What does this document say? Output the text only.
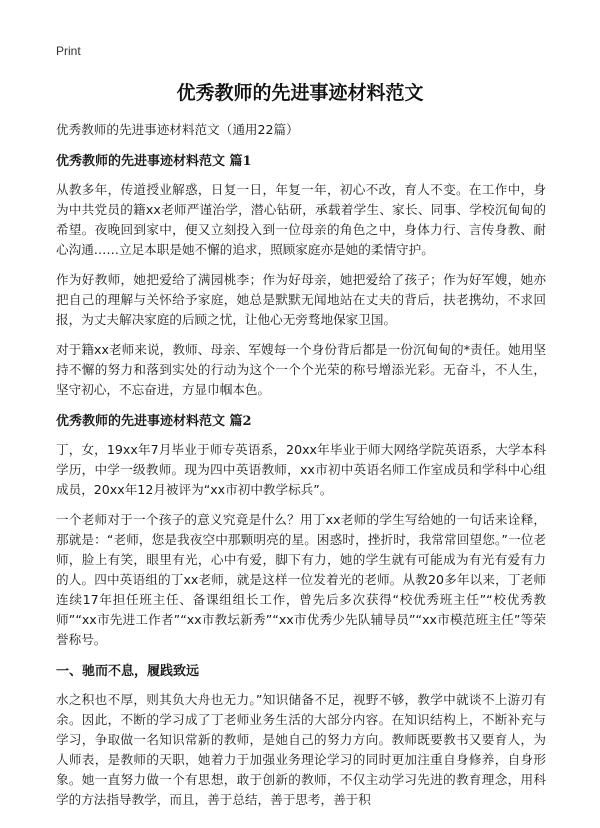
Print
优秀教师的先进事迹材料范文

优秀教师的先进事迹材料范文（通用22篇）

优秀教师的先进事迹材料范文 篇1

从教多年，传道授业解惑，日复一日，年复一年，初心不改，育人不变。在工作中，身为中共党员的籍xx老师严谨治学，潜心钻研，承载着学生、家长、同事、学校沉甸甸的希望。夜晚回到家中，便又立刻投入到一位母亲的角色之中，身体力行、言传身教、耐心沟通……立足本职是她不懈的追求，照顾家庭亦是她的柔情守护。

作为好教师，她把爱给了满园桃李；作为好母亲，她把爱给了孩子；作为好军嫂，她亦把自己的理解与关怀给予家庭，她总是默默无闻地站在丈夫的背后，扶老携幼，不求回报，为丈夫解决家庭的后顾之忧，让他心无旁骛地保家卫国。

对于籍xx老师来说，教师、母亲、军嫂每一个身份背后都是一份沉甸甸的*责任。她用坚持不懈的努力和落到实处的行动为这个一个个光荣的称号增添光彩。无奋斗，不人生，坚守初心，不忘奋进，方显巾帼本色。

优秀教师的先进事迹材料范文 篇2

丁，女，19xx年7月毕业于师专英语系，20xx年毕业于师大网络学院英语系，大学本科学历，中学一级教师。现为四中英语教师，xx市初中英语名师工作室成员和学科中心组成员，20xx年12月被评为“xx市初中教学标兵”。

一个老师对于一个孩子的意义究竟是什么？用丁xx老师的学生写给她的一句话来诠释，那就是：“老师，您是我夜空中那颗明亮的星。困惑时，挫折时，我常常回望您。”一位老师，脸上有笑，眼里有光，心中有爱，脚下有力，她的学生就有可能成为有光有爱有力的人。四中英语组的丁xx老师，就是这样一位发着光的老师。从教20多年以来，丁老师连续17年担任班主任、备课组组长工作，曾先后多次获得“校优秀班主任”“校优秀教师”“xx市先进工作者”“xx市教坛新秀”“xx市优秀少先队辅导员”“xx市模范班主任”等荣誉称号。

一、驰而不息，履践致远

水之积也不厚，则其负大舟也无力。”知识储备不足，视野不够，教学中就谈不上游刃有余。因此，不断的学习成了丁老师业务生活的大部分内容。在知识结构上，不断补充与学习，争取做一名知识常新的教师，是她自己的努力方向。教师既要教书又要育人，为人师表，是教师的天职，她着力于加强业务理论学习的同时更加注重自身修养，自身形象。她一直努力做一个有思想，敢于创新的教师，不仅主动学习先进的教育理念，用科学的方法指导教学，而且，善于总结，善于思考，善于积
